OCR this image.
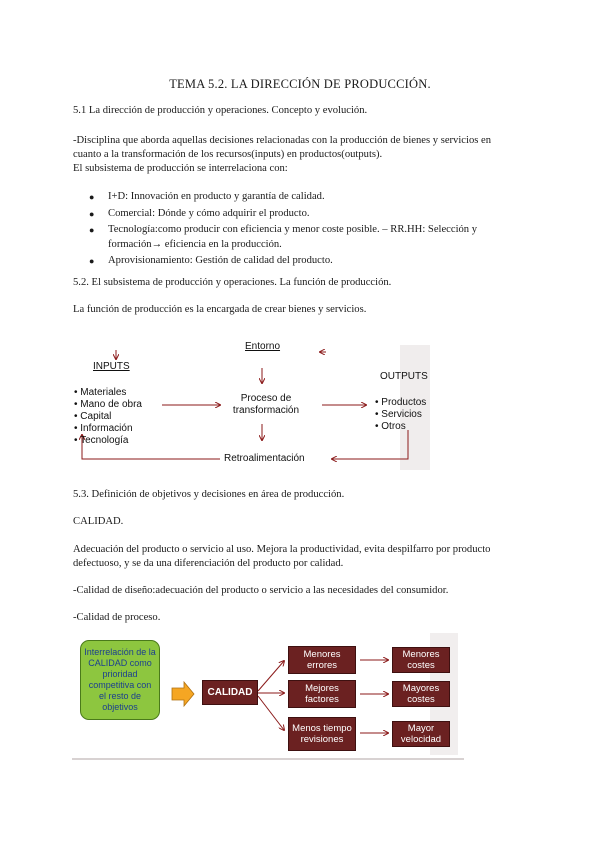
TEMA 5.2. LA DIRECCIÓN DE PRODUCCIÓN.
5.1 La dirección de producción y operaciones. Concepto y evolución.
-Disciplina que aborda aquellas decisiones relacionadas con la producción de bienes y servicios en
cuanto a la transformación de los recursos(inputs) en productos(outputs).
El subsistema de producción se interrelaciona con:
● I+D: Innovación en producto y garantía de calidad.
● Comercial: Dónde y cómo adquirir el producto.
● Tecnología:como producir con eficiencia y menor coste posible. – RR.HH: Selección y formación→ eficiencia en la producción.
● Aprovisionamiento: Gestión de calidad del producto.
5.2. El subsistema de producción y operaciones. La función de producción.
La función de producción es la encargada de crear bienes y servicios.
INPUTS
• Materiales
• Mano de obra
• Capital
• Información
• Tecnología
Entorno
Proceso de
transformación
OUTPUTS
• Productos
• Servicios
• Otros
Retroalimentación
5.3. Definición de objetivos y decisiones en área de producción.
CALIDAD.
Adecuación del producto o servicio al uso. Mejora la productividad, evita despilfarro por producto
defectuoso, y se da una diferenciación del producto por calidad.
-Calidad de diseño:adecuación del producto o servicio a las necesidades del consumidor.
-Calidad de proceso.
Interrelación de la CALIDAD como prioridad competitiva con el resto de objetivos
CALIDAD
Menores errores
Mejores factores
Menos tiempo revisiones
Menores costes
Mayores costes
Mayor velocidad
